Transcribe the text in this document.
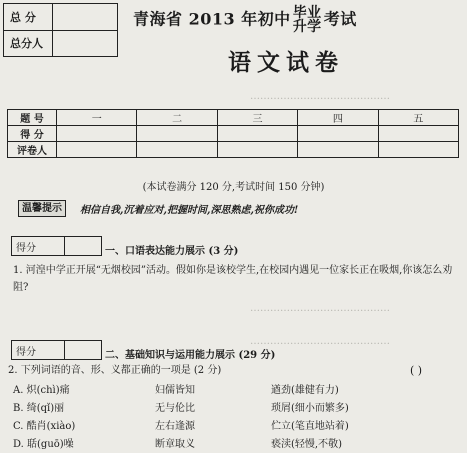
……………………………………
……………………………………
……………………………………
总 分	
总分人	
青海省 2013 年初中 毕业
升学 考试
语文试卷
题 号	一	二	三	四	五
得 分					
评卷人					
(本试卷满分 120 分,考试时间 150 分钟)
温馨提示	相信自我,沉着应对,把握时间,深思熟虑,祝你成功!
得分		一、口语表达能力展示 (3 分)
1. 河湟中学正开展“无烟校园”活动。假如你是该校学生,在校园内遇见一位家长正在吸烟,你该怎么劝阻?
得分		二、基础知识与运用能力展示 (29 分)
2. 下列词语的音、形、义都正确的一项是 (2 分)	( )
A. 炽(chì)痛	妇儒皆知	遒劲(雄健有力)
B. 绮(qǐ)丽	无与伦比	琐屑(细小而繁多)
C. 酷肖(xiào)	左右逢源	伫立(笔直地站着)
D. 聒(guō)噪	断章取义	亵渎(轻慢,不敬)
